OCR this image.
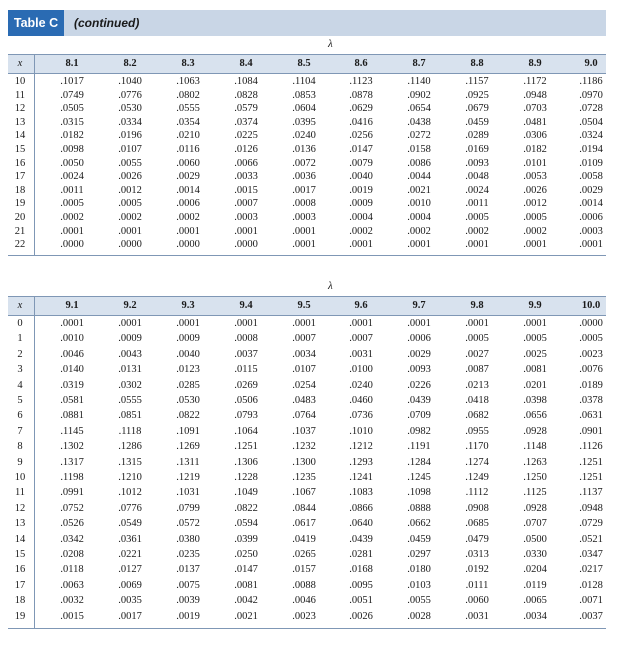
Table C	(continued)
λ
x	8.1	8.2	8.3	8.4	8.5	8.6	8.7	8.8	8.9	9.0
10	.1017	.1040	.1063	.1084	.1104	.1123	.1140	.1157	.1172	.1186
11	.0749	.0776	.0802	.0828	.0853	.0878	.0902	.0925	.0948	.0970
12	.0505	.0530	.0555	.0579	.0604	.0629	.0654	.0679	.0703	.0728
13	.0315	.0334	.0354	.0374	.0395	.0416	.0438	.0459	.0481	.0504
14	.0182	.0196	.0210	.0225	.0240	.0256	.0272	.0289	.0306	.0324
15	.0098	.0107	.0116	.0126	.0136	.0147	.0158	.0169	.0182	.0194
16	.0050	.0055	.0060	.0066	.0072	.0079	.0086	.0093	.0101	.0109
17	.0024	.0026	.0029	.0033	.0036	.0040	.0044	.0048	.0053	.0058
18	.0011	.0012	.0014	.0015	.0017	.0019	.0021	.0024	.0026	.0029
19	.0005	.0005	.0006	.0007	.0008	.0009	.0010	.0011	.0012	.0014
20	.0002	.0002	.0002	.0003	.0003	.0004	.0004	.0005	.0005	.0006
21	.0001	.0001	.0001	.0001	.0001	.0002	.0002	.0002	.0002	.0003
22	.0000	.0000	.0000	.0000	.0001	.0001	.0001	.0001	.0001	.0001
λ
x	9.1	9.2	9.3	9.4	9.5	9.6	9.7	9.8	9.9	10.0
0	.0001	.0001	.0001	.0001	.0001	.0001	.0001	.0001	.0001	.0000
1	.0010	.0009	.0009	.0008	.0007	.0007	.0006	.0005	.0005	.0005
2	.0046	.0043	.0040	.0037	.0034	.0031	.0029	.0027	.0025	.0023
3	.0140	.0131	.0123	.0115	.0107	.0100	.0093	.0087	.0081	.0076
4	.0319	.0302	.0285	.0269	.0254	.0240	.0226	.0213	.0201	.0189
5	.0581	.0555	.0530	.0506	.0483	.0460	.0439	.0418	.0398	.0378
6	.0881	.0851	.0822	.0793	.0764	.0736	.0709	.0682	.0656	.0631
7	.1145	.1118	.1091	.1064	.1037	.1010	.0982	.0955	.0928	.0901
8	.1302	.1286	.1269	.1251	.1232	.1212	.1191	.1170	.1148	.1126
9	.1317	.1315	.1311	.1306	.1300	.1293	.1284	.1274	.1263	.1251
10	.1198	.1210	.1219	.1228	.1235	.1241	.1245	.1249	.1250	.1251
11	.0991	.1012	.1031	.1049	.1067	.1083	.1098	.1112	.1125	.1137
12	.0752	.0776	.0799	.0822	.0844	.0866	.0888	.0908	.0928	.0948
13	.0526	.0549	.0572	.0594	.0617	.0640	.0662	.0685	.0707	.0729
14	.0342	.0361	.0380	.0399	.0419	.0439	.0459	.0479	.0500	.0521
15	.0208	.0221	.0235	.0250	.0265	.0281	.0297	.0313	.0330	.0347
16	.0118	.0127	.0137	.0147	.0157	.0168	.0180	.0192	.0204	.0217
17	.0063	.0069	.0075	.0081	.0088	.0095	.0103	.0111	.0119	.0128
18	.0032	.0035	.0039	.0042	.0046	.0051	.0055	.0060	.0065	.0071
19	.0015	.0017	.0019	.0021	.0023	.0026	.0028	.0031	.0034	.0037
